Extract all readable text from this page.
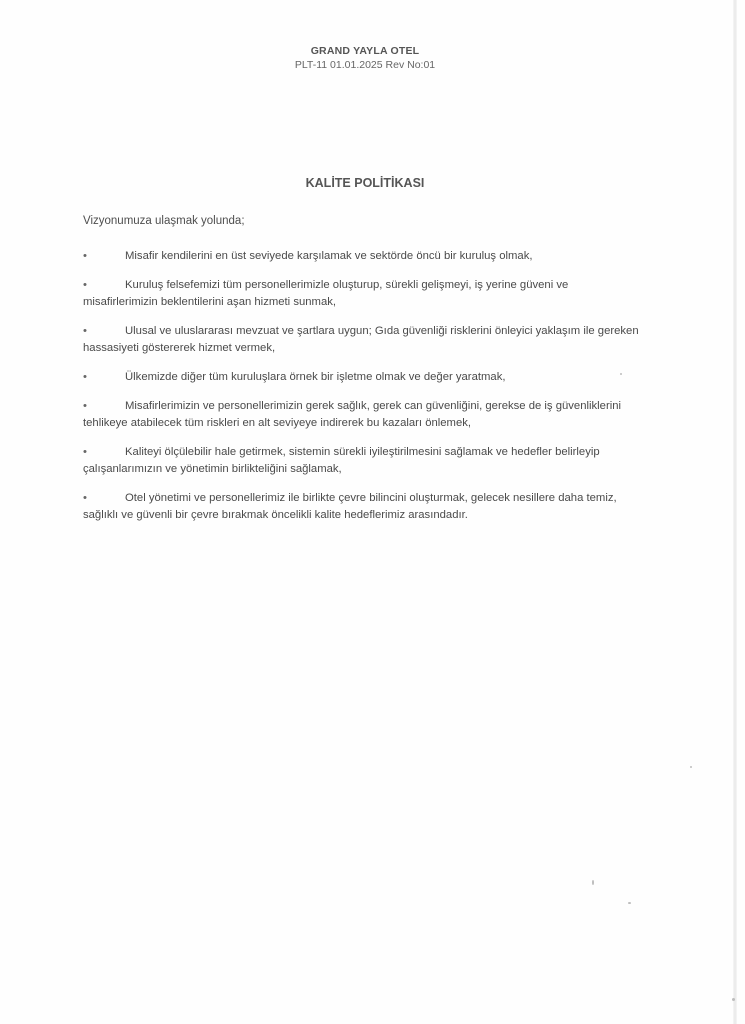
GRAND YAYLA OTEL
PLT-11 01.01.2025 Rev No:01
KALİTE POLİTİKASI
Vizyonumuza ulaşmak yolunda;
•	Misafir kendilerini en üst seviyede karşılamak ve sektörde öncü bir kuruluş olmak,
•	Kuruluş felsefemizi tüm personellerimizle oluşturup, sürekli gelişmeyi, iş yerine güveni ve misafirlerimizin beklentilerini aşan hizmeti sunmak,
•	Ulusal ve uluslararası mevzuat ve şartlara uygun; Gıda güvenliği risklerini önleyici yaklaşım ile gereken hassasiyeti göstererek hizmet vermek,
•	Ülkemizde diğer tüm kuruluşlara örnek bir işletme olmak ve değer yaratmak,
•	Misafirlerimizin ve personellerimizin gerek sağlık, gerek can güvenliğini, gerekse de iş güvenliklerini tehlikeye atabilecek tüm riskleri en alt seviyeye indirerek bu kazaları önlemek,
•	Kaliteyi ölçülebilir hale getirmek, sistemin sürekli iyileştirilmesini sağlamak ve hedefler belirleyip çalışanlarımızın ve yönetimin birlikteliğini sağlamak,
•	Otel yönetimi ve personellerimiz ile birlikte çevre bilincini oluşturmak, gelecek nesillere daha temiz, sağlıklı ve güvenli bir çevre bırakmak öncelikli kalite hedeflerimiz arasındadır.
